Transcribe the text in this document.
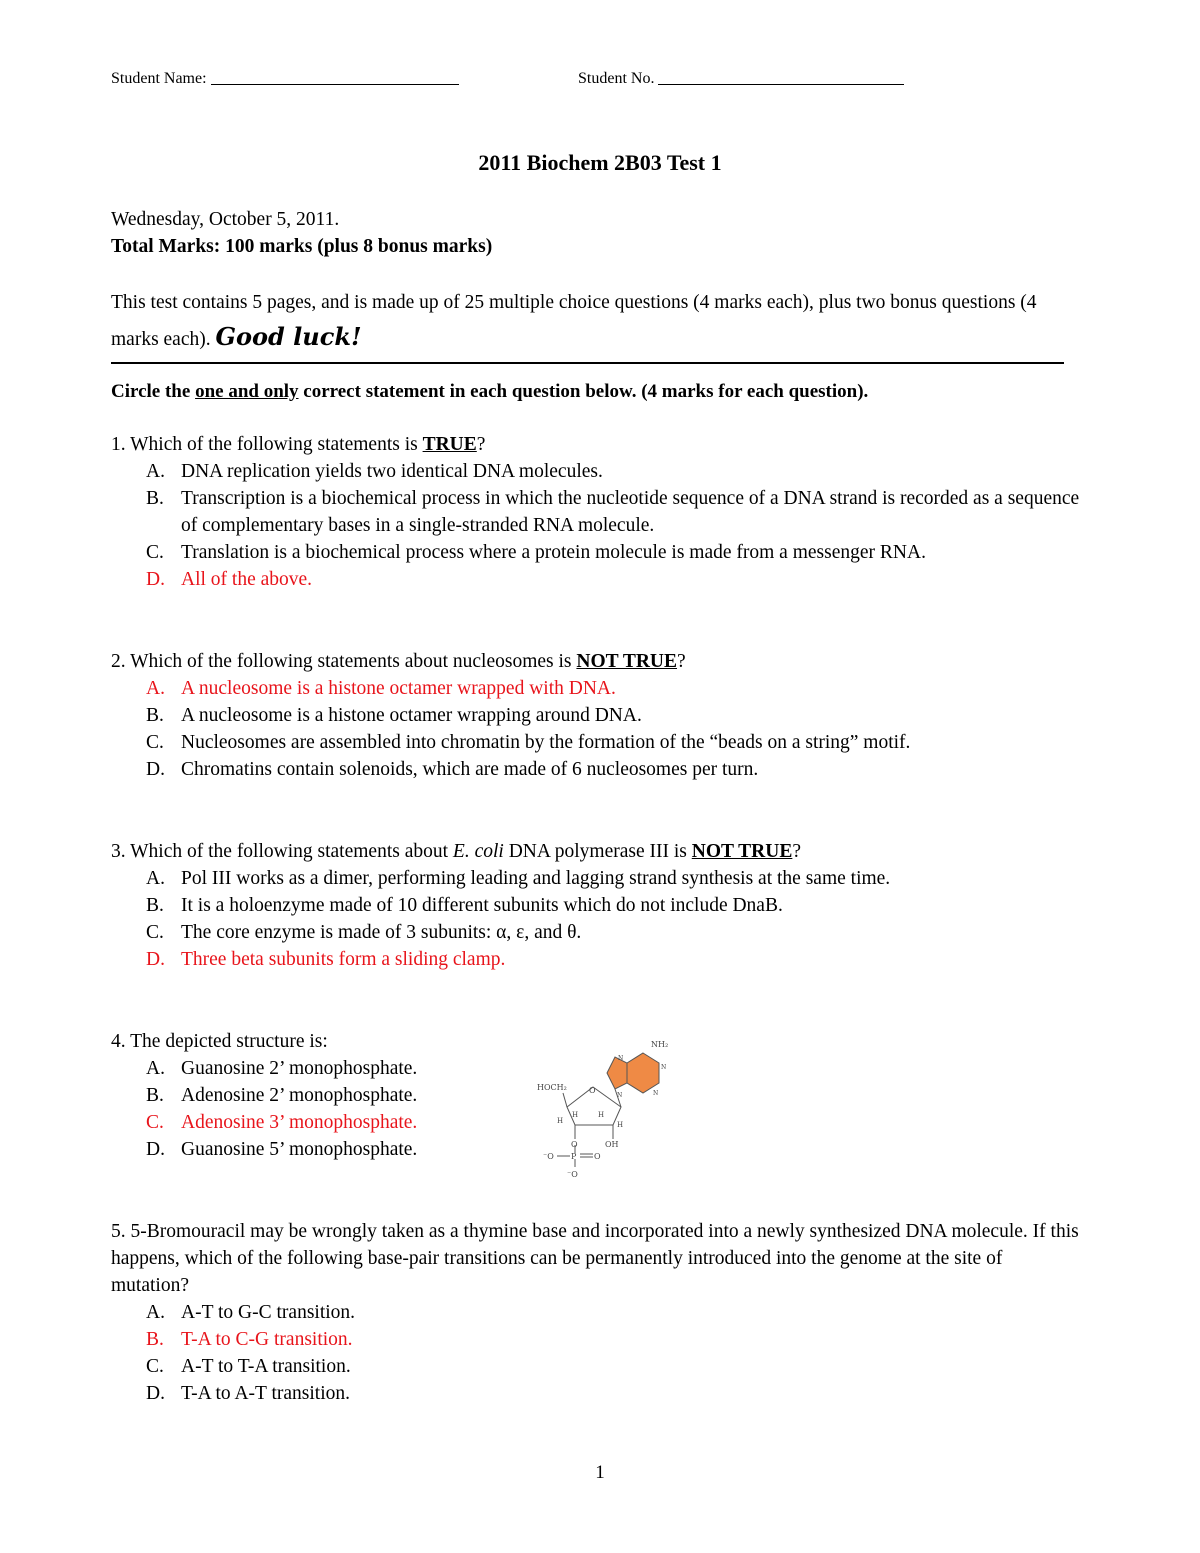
Student Name:	Student No.
2011 Biochem 2B03 Test 1
Wednesday, October 5, 2011.
Total Marks: 100 marks (plus 8 bonus marks)
This test contains 5 pages, and is made up of 25 multiple choice questions (4 marks each), plus two bonus questions (4 marks each). Good luck!
Circle the one and only correct statement in each question below. (4 marks for each question).
1. Which of the following statements is TRUE?
A. DNA replication yields two identical DNA molecules.
B. Transcription is a biochemical process in which the nucleotide sequence of a DNA strand is recorded as a sequence of complementary bases in a single-stranded RNA molecule.
C. Translation is a biochemical process where a protein molecule is made from a messenger RNA.
D. All of the above.
2. Which of the following statements about nucleosomes is NOT TRUE?
A. A nucleosome is a histone octamer wrapped with DNA.
B. A nucleosome is a histone octamer wrapping around DNA.
C. Nucleosomes are assembled into chromatin by the formation of the “beads on a string” motif.
D. Chromatins contain solenoids, which are made of 6 nucleosomes per turn.
3. Which of the following statements about E. coli DNA polymerase III is NOT TRUE?
A. Pol III works as a dimer, performing leading and lagging strand synthesis at the same time.
B. It is a holoenzyme made of 10 different subunits which do not include DnaB.
C. The core enzyme is made of 3 subunits: α, ε, and θ.
D. Three beta subunits form a sliding clamp.
4. The depicted structure is:
A. Guanosine 2’ monophosphate.
B. Adenosine 2’ monophosphate.
C. Adenosine 3’ monophosphate.
D. Guanosine 5’ monophosphate.
NH₂
N
N
N
N
HOCH₂	O
H	H
H	H
O	OH
⁻O P O
⁻O
5. 5-Bromouracil may be wrongly taken as a thymine base and incorporated into a newly synthesized DNA molecule. If this happens, which of the following base-pair transitions can be permanently introduced into the genome at the site of mutation?
A. A-T to G-C transition.
B. T-A to C-G transition.
C. A-T to T-A transition.
D. T-A to A-T transition.
1
